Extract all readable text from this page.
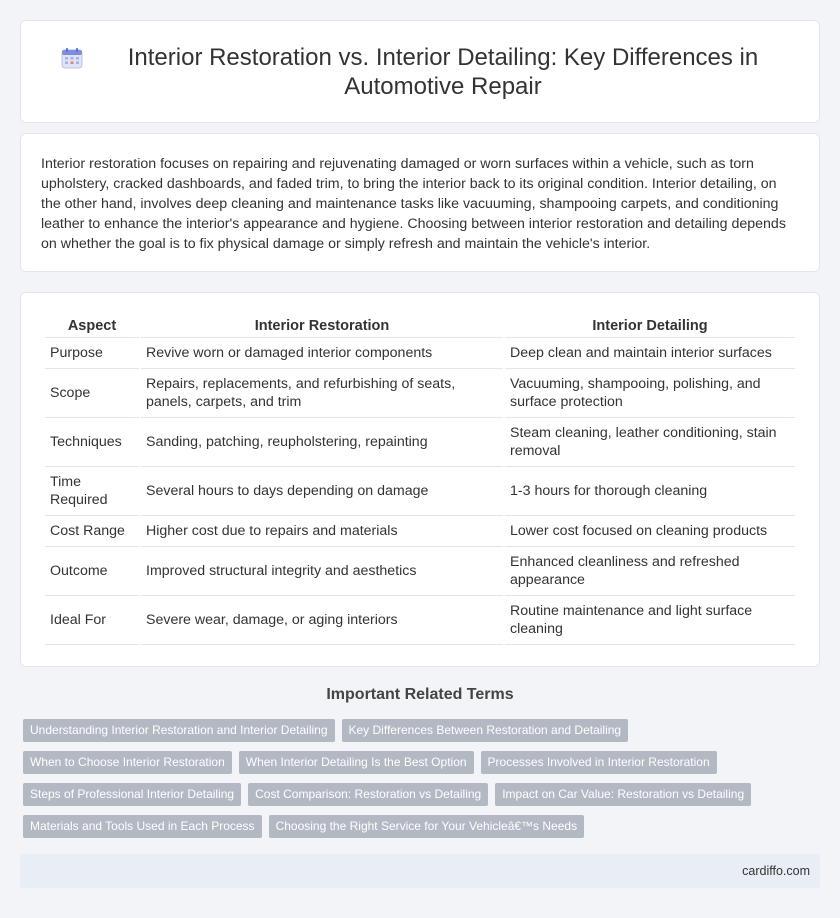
Interior Restoration vs. Interior Detailing: Key Differences in Automotive Repair

Interior restoration focuses on repairing and rejuvenating damaged or worn surfaces within a vehicle, such as torn upholstery, cracked dashboards, and faded trim, to bring the interior back to its original condition. Interior detailing, on the other hand, involves deep cleaning and maintenance tasks like vacuuming, shampooing carpets, and conditioning leather to enhance the interior's appearance and hygiene. Choosing between interior restoration and detailing depends on whether the goal is to fix physical damage or simply refresh and maintain the vehicle's interior.

Aspect	Interior Restoration	Interior Detailing
Purpose	Revive worn or damaged interior components	Deep clean and maintain interior surfaces
Scope	Repairs, replacements, and refurbishing of seats, panels, carpets, and trim	Vacuuming, shampooing, polishing, and surface protection
Techniques	Sanding, patching, reupholstering, repainting	Steam cleaning, leather conditioning, stain removal
Time Required	Several hours to days depending on damage	1-3 hours for thorough cleaning
Cost Range	Higher cost due to repairs and materials	Lower cost focused on cleaning products
Outcome	Improved structural integrity and aesthetics	Enhanced cleanliness and refreshed appearance
Ideal For	Severe wear, damage, or aging interiors	Routine maintenance and light surface cleaning
Important Related Terms
Understanding Interior Restoration and Interior Detailing	Key Differences Between Restoration and Detailing
When to Choose Interior Restoration	When Interior Detailing Is the Best Option	Processes Involved in Interior Restoration
Steps of Professional Interior Detailing	Cost Comparison: Restoration vs Detailing	Impact on Car Value: Restoration vs Detailing
Materials and Tools Used in Each Process	Choosing the Right Service for Your Vehicleâ€™s Needs
cardiffo.com
